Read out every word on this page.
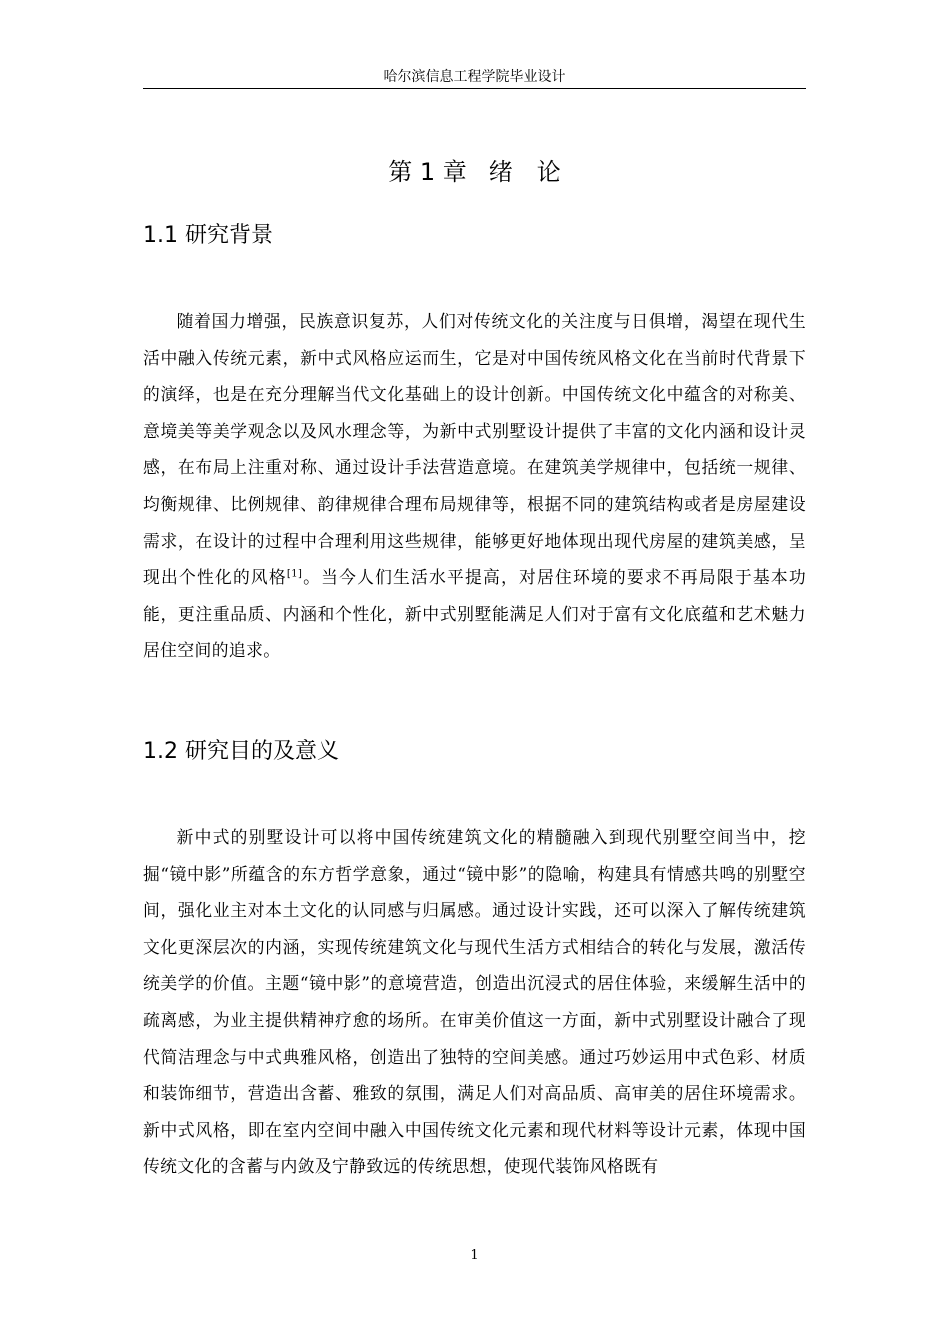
哈尔滨信息工程学院毕业设计
第 1 章 绪　论
1.1 研究背景

随着国力增强，民族意识复苏，人们对传统文化的关注度与日俱增，渴望在现代生活中融入传统元素，新中式风格应运而生，它是对中国传统风格文化在当前时代背景下的演绎，也是在充分理解当代文化基础上的设计创新。中国传统文化中蕴含的对称美、意境美等美学观念以及风水理念等，为新中式别墅设计提供了丰富的文化内涵和设计灵感，在布局上注重对称、通过设计手法营造意境。在建筑美学规律中，包括统一规律、均衡规律、比例规律、韵律规律合理布局规律等，根据不同的建筑结构或者是房屋建设需求，在设计的过程中合理利用这些规律，能够更好地体现出现代房屋的建筑美感，呈现出个性化的风格[1]。当今人们生活水平提高，对居住环境的要求不再局限于基本功能，更注重品质、内涵和个性化，新中式别墅能满足人们对于富有文化底蕴和艺术魅力居住空间的追求。

1.2 研究目的及意义

新中式的别墅设计可以将中国传统建筑文化的精髓融入到现代别墅空间当中，挖掘“镜中影”所蕴含的东方哲学意象，通过“镜中影”的隐喻，构建具有情感共鸣的别墅空间，强化业主对本土文化的认同感与归属感。通过设计实践，还可以深入了解传统建筑文化更深层次的内涵，实现传统建筑文化与现代生活方式相结合的转化与发展，激活传统美学的价值。主题“镜中影”的意境营造，创造出沉浸式的居住体验，来缓解生活中的疏离感，为业主提供精神疗愈的场所。在审美价值这一方面，新中式别墅设计融合了现代简洁理念与中式典雅风格，创造出了独特的空间美感。通过巧妙运用中式色彩、材质和装饰细节，营造出含蓄、雅致的氛围，满足人们对高品质、高审美的居住环境需求。新中式风格，即在室内空间中融入中国传统文化元素和现代材料等设计元素，体现中国传统文化的含蓄与内敛及宁静致远的传统思想，使现代装饰风格既有

1
